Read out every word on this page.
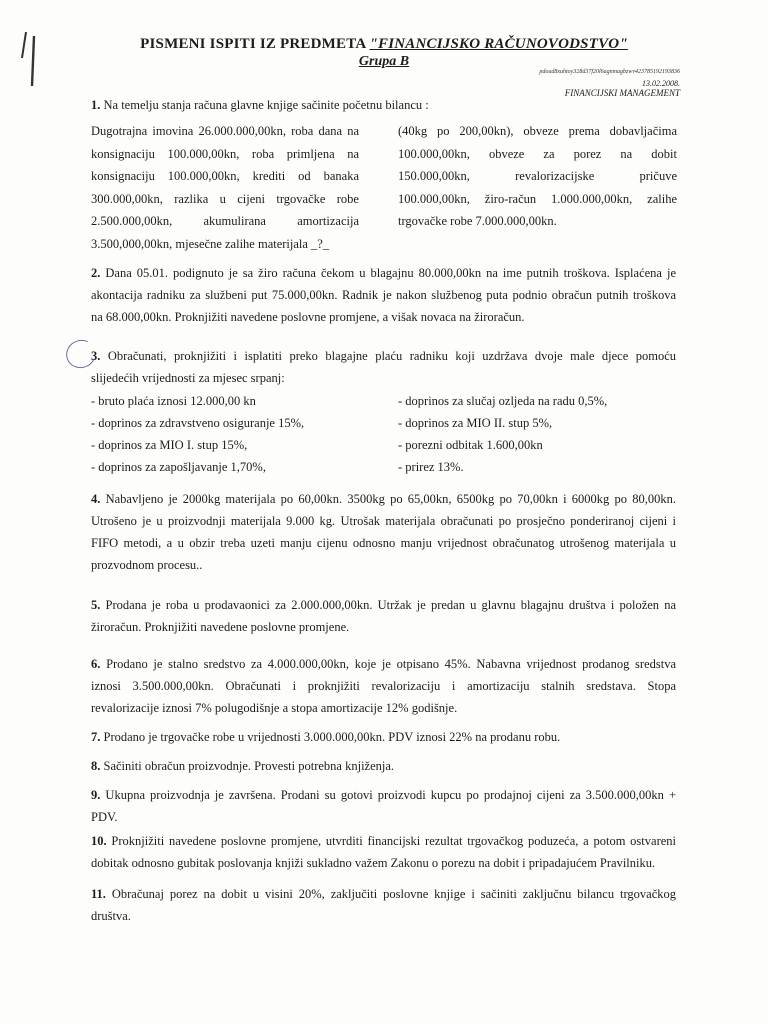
PISMENI ISPITI IZ PREDMETA "FINANCIJSKO RAČUNOVODSTVO"
Grupa B
pdoud8xuhtoy328d37f20l6agnmagbzwv423785192193836
13.02.2008.
FINANCIJSKI MANAGEMENT
1. Na temelju stanja računa glavne knjige sačinite početnu bilancu :
Dugotrajna imovina 26.000.000,00kn, roba dana na
konsignaciju 100.000,00kn, roba primljena na
konsignaciju 100.000,00kn, krediti od banaka
300.000,00kn, razlika u cijeni trgovačke robe
2.500.000,00kn, akumulirana amortizacija
3.500,000,00kn, mjesečne zalihe materijala _?_
(40kg po 200,00kn), obveze prema dobavljačima
100.000,00kn, obveze za porez na dobit
150.000,00kn, revalorizacijske pričuve
100.000,00kn, žiro-račun 1.000.000,00kn, zalihe
trgovačke robe 7.000.000,00kn.
2. Dana 05.01. podignuto je sa žiro računa čekom u blagajnu 80.000,00kn na ime putnih troškova. Isplaćena je
akontacija radniku za službeni put 75.000,00kn. Radnik je nakon službenog puta podnio obračun putnih troškova
na 68.000,00kn. Proknjižiti navedene poslovne promjene, a višak novaca na žiroračun.
3. Obračunati, proknjižiti i isplatiti preko blagajne plaću radniku koji uzdržava dvoje male djece pomoću
slijedećih vrijednosti za mjesec srpanj:
- bruto plaća iznosi 12.000,00 kn
- doprinos za zdravstveno osiguranje 15%,
- doprinos za MIO I. stup 15%,
- doprinos za zapošljavanje 1,70%,
- doprinos za slučaj ozljeda na radu 0,5%,
- doprinos za MIO II. stup 5%,
- porezni odbitak 1.600,00kn
- prirez 13%.
4. Nabavljeno je 2000kg materijala po 60,00kn. 3500kg po 65,00kn, 6500kg po 70,00kn i 6000kg po 80,00kn.
Utrošeno je u proizvodnji materijala 9.000 kg. Utrošak materijala obračunati po prosječno ponderiranoj cijeni i
FIFO metodi, a u obzir treba uzeti manju cijenu odnosno manju vrijednost obračunatog utrošenog materijala u
prozvodnom procesu..
5. Prodana je roba u prodavaonici za 2.000.000,00kn. Utržak je predan u glavnu blagajnu društva i položen na
žiroračun. Proknjižiti navedene poslovne promjene.
6. Prodano je stalno sredstvo za 4.000.000,00kn, koje je otpisano 45%. Nabavna vrijednost prodanog sredstva
iznosi 3.500.000,00kn. Obračunati i proknjižiti revalorizaciju i amortizaciju stalnih sredstava. Stopa
revalorizacije iznosi 7% polugodišnje a stopa amortizacije 12% godišnje.
7. Prodano je trgovačke robe u vrijednosti 3.000.000,00kn. PDV iznosi 22% na prodanu robu.
8. Sačiniti obračun proizvodnje. Provesti potrebna knjiženja.
9. Ukupna proizvodnja je završena. Prodani su gotovi proizvodi kupcu po prodajnoj cijeni za 3.500.000,00kn +
PDV.
10. Proknjižiti navedene poslovne promjene, utvrditi financijski rezultat trgovačkog poduzeća, a potom ostvareni
dobitak odnosno gubitak poslovanja knjiži sukladno važem Zakonu o porezu na dobit i pripadajućem Pravilniku.
11. Obračunaj porez na dobit u visini 20%, zaključiti poslovne knjige i sačiniti zaključnu bilancu trgovačkog
društva.
